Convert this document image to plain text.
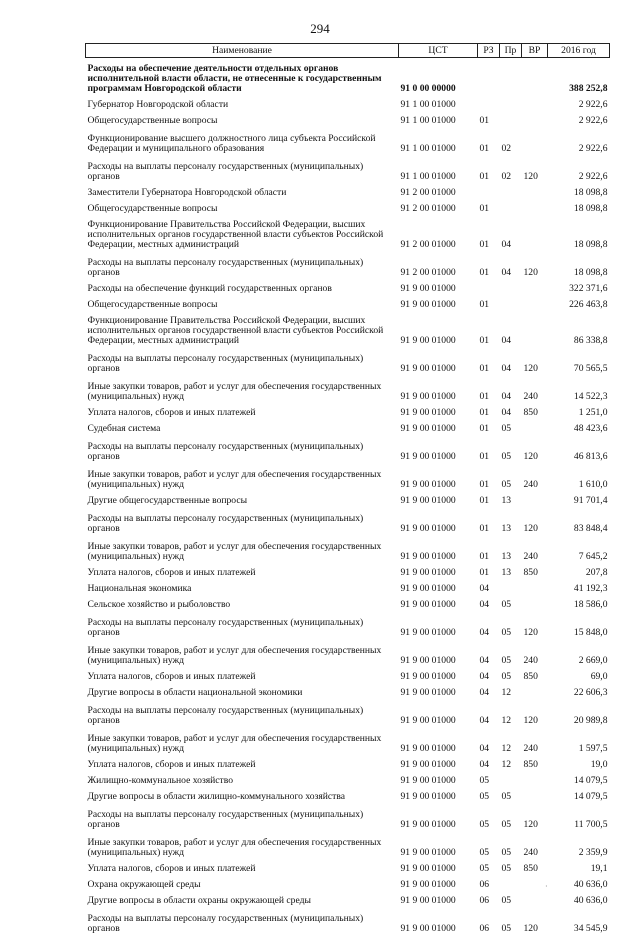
294
Наименование	ЦСТ	РЗ	Пр	ВР	2016 год
Расходы на обеспечение деятельности отдельных органов исполнительной власти области, не отнесенные к государственным программам Новгородской области	91 0 00 00000				388 252,8
Губернатор Новгородской области	91 1 00 01000				2 922,6
Общегосударственные вопросы	91 1 00 01000	01			2 922,6
Функционирование высшего должностного лица субъекта Российской Федерации и муниципального образования	91 1 00 01000	01	02		2 922,6
Расходы на выплаты персоналу государственных (муниципальных) органов	91 1 00 01000	01	02	120	2 922,6
Заместители Губернатора Новгородской области	91 2 00 01000				18 098,8
Общегосударственные вопросы	91 2 00 01000	01			18 098,8
Функционирование Правительства Российской Федерации, высших исполнительных органов государственной власти субъектов Российской Федерации, местных администраций	91 2 00 01000	01	04		18 098,8
Расходы на выплаты персоналу государственных (муниципальных) органов	91 2 00 01000	01	04	120	18 098,8
Расходы на обеспечение функций государственных органов	91 9 00 01000				322 371,6
Общегосударственные вопросы	91 9 00 01000	01			226 463,8
Функционирование Правительства Российской Федерации, высших исполнительных органов государственной власти субъектов Российской Федерации, местных администраций	91 9 00 01000	01	04		86 338,8
Расходы на выплаты персоналу государственных (муниципальных) органов	91 9 00 01000	01	04	120	70 565,5
Иные закупки товаров, работ и услуг для обеспечения государственных (муниципальных) нужд	91 9 00 01000	01	04	240	14 522,3
Уплата налогов, сборов и иных платежей	91 9 00 01000	01	04	850	1 251,0
Судебная система	91 9 00 01000	01	05		48 423,6
Расходы на выплаты персоналу государственных (муниципальных) органов	91 9 00 01000	01	05	120	46 813,6
Иные закупки товаров, работ и услуг для обеспечения государственных (муниципальных) нужд	91 9 00 01000	01	05	240	1 610,0
Другие общегосударственные вопросы	91 9 00 01000	01	13		91 701,4
Расходы на выплаты персоналу государственных (муниципальных) органов	91 9 00 01000	01	13	120	83 848,4
Иные закупки товаров, работ и услуг для обеспечения государственных (муниципальных) нужд	91 9 00 01000	01	13	240	7 645,2
Уплата налогов, сборов и иных платежей	91 9 00 01000	01	13	850	207,8
Национальная экономика	91 9 00 01000	04			41 192,3
Сельское хозяйство и рыболовство	91 9 00 01000	04	05		18 586,0
Расходы на выплаты персоналу государственных (муниципальных) органов	91 9 00 01000	04	05	120	15 848,0
Иные закупки товаров, работ и услуг для обеспечения государственных (муниципальных) нужд	91 9 00 01000	04	05	240	2 669,0
Уплата налогов, сборов и иных платежей	91 9 00 01000	04	05	850	69,0
Другие вопросы в области национальной экономики	91 9 00 01000	04	12		22 606,3
Расходы на выплаты персоналу государственных (муниципальных) органов	91 9 00 01000	04	12	120	20 989,8
Иные закупки товаров, работ и услуг для обеспечения государственных (муниципальных) нужд	91 9 00 01000	04	12	240	1 597,5
Уплата налогов, сборов и иных платежей	91 9 00 01000	04	12	850	19,0
Жилищно-коммунальное хозяйство	91 9 00 01000	05			14 079,5
Другие вопросы в области жилищно-коммунального хозяйства	91 9 00 01000	05	05		14 079,5
Расходы на выплаты персоналу государственных (муниципальных) органов	91 9 00 01000	05	05	120	11 700,5
Иные закупки товаров, работ и услуг для обеспечения государственных (муниципальных) нужд	91 9 00 01000	05	05	240	2 359,9
Уплата налогов, сборов и иных платежей	91 9 00 01000	05	05	850	19,1
Охрана окружающей среды	91 9 00 01000	06			40 636,0
Другие вопросы в области охраны окружающей среды	91 9 00 01000	06	05		40 636,0
Расходы на выплаты персоналу государственных (муниципальных) органов	91 9 00 01000	06	05	120	34 545,9
·
